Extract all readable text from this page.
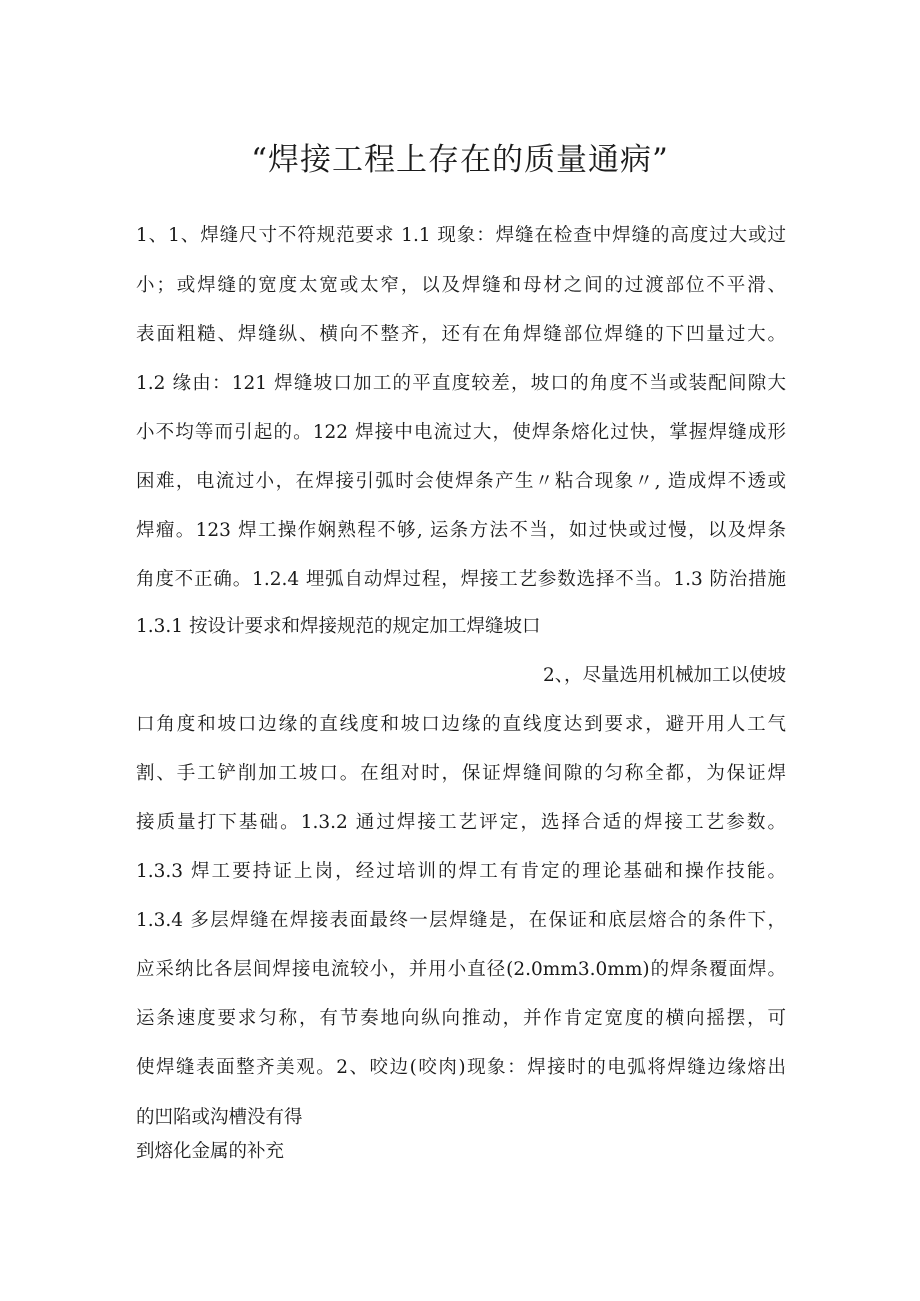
“焊接工程上存在的质量通病”
1、1、焊缝尺寸不符规范要求 1.1 现象：焊缝在检查中焊缝的高度过大或过
小；或焊缝的宽度太宽或太窄，以及焊缝和母材之间的过渡部位不平滑、
表面粗糙、焊缝纵、横向不整齐，还有在角焊缝部位焊缝的下凹量过大。
1.2 缘由：121 焊缝坡口加工的平直度较差，坡口的角度不当或装配间隙大
小不均等而引起的。122 焊接中电流过大，使焊条熔化过快，掌握焊缝成形
困难，电流过小，在焊接引弧时会使焊条产生〃粘合现象〃, 造成焊不透或
焊瘤。123 焊工操作娴熟程不够, 运条方法不当，如过快或过慢，以及焊条
角度不正确。1.2.4 埋弧自动焊过程，焊接工艺参数选择不当。1.3 防治措施
1.3.1 按设计要求和焊接规范的规定加工焊缝坡口
2、，尽量选用机械加工以使坡
口角度和坡口边缘的直线度和坡口边缘的直线度达到要求，避开用人工气
割、手工铲削加工坡口。在组对时，保证焊缝间隙的匀称全都，为保证焊
接质量打下基础。1.3.2 通过焊接工艺评定，选择合适的焊接工艺参数。
1.3.3 焊工要持证上岗，经过培训的焊工有肯定的理论基础和操作技能。
1.3.4 多层焊缝在焊接表面最终一层焊缝是，在保证和底层熔合的条件下，
应采纳比各层间焊接电流较小，并用小直径(2.0mm3.0mm)的焊条覆面焊。
运条速度要求匀称，有节奏地向纵向推动，并作肯定宽度的横向摇摆，可
使焊缝表面整齐美观。2、咬边(咬肉)现象：焊接时的电弧将焊缝边缘熔出
的凹陷或沟槽没有得
到熔化金属的补充
